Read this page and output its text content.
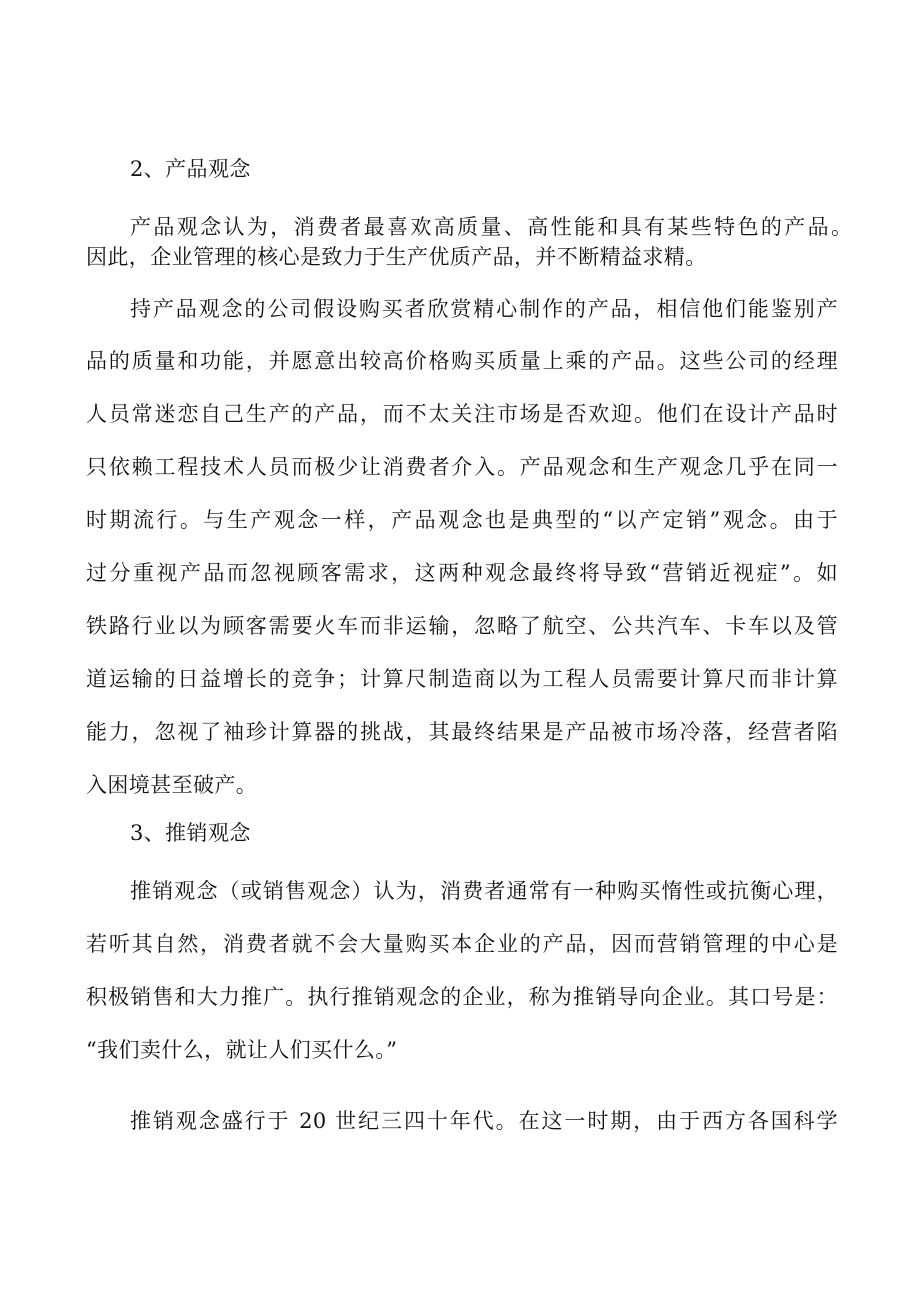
2、产品观念

产品观念认为，消费者最喜欢高质量、高性能和具有某些特色的产品。

因此，企业管理的核心是致力于生产优质产品，并不断精益求精。

持产品观念的公司假设购买者欣赏精心制作的产品，相信他们能鉴别产

品的质量和功能，并愿意出较高价格购买质量上乘的产品。这些公司的经理

人员常迷恋自己生产的产品，而不太关注市场是否欢迎。他们在设计产品时

只依赖工程技术人员而极少让消费者介入。产品观念和生产观念几乎在同一

时期流行。与生产观念一样，产品观念也是典型的“以产定销”观念。由于

过分重视产品而忽视顾客需求，这两种观念最终将导致“营销近视症”。如

铁路行业以为顾客需要火车而非运输，忽略了航空、公共汽车、卡车以及管

道运输的日益增长的竞争；计算尺制造商以为工程人员需要计算尺而非计算

能力，忽视了袖珍计算器的挑战，其最终结果是产品被市场冷落，经营者陷

入困境甚至破产。

3、推销观念

推销观念（或销售观念）认为，消费者通常有一种购买惰性或抗衡心理，

若听其自然，消费者就不会大量购买本企业的产品，因而营销管理的中心是

积极销售和大力推广。执行推销观念的企业，称为推销导向企业。其口号是：

“我们卖什么，就让人们买什么。”

推销观念盛行于 20 世纪三四十年代。在这一时期，由于西方各国科学
